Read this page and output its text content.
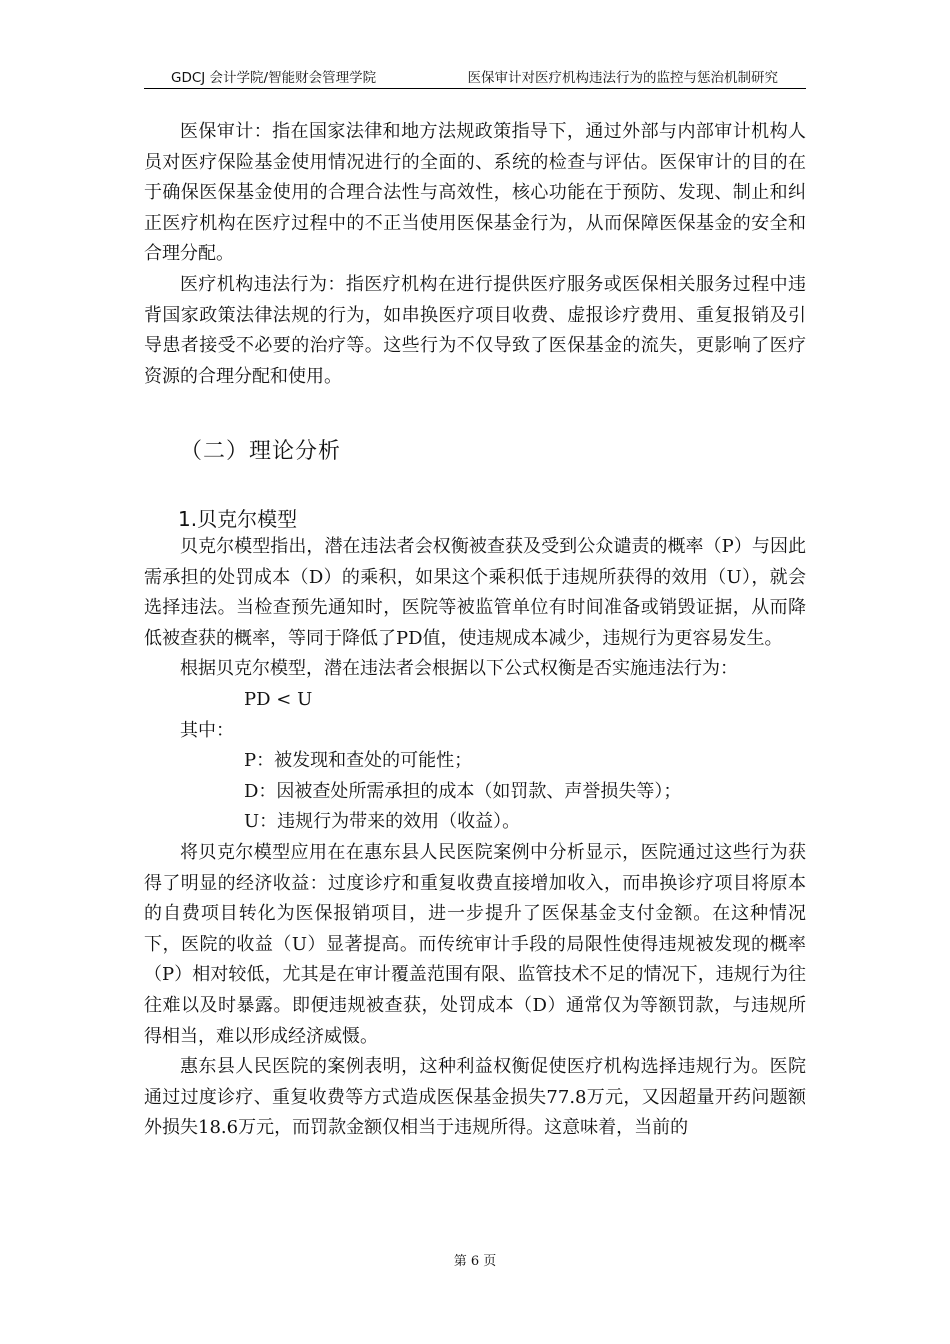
GDCJ 会计学院/智能财会管理学院	医保审计对医疗机构违法行为的监控与惩治机制研究

医保审计：指在国家法律和地方法规政策指导下，通过外部与内部审计机构人员对医疗保险基金使用情况进行的全面的、系统的检查与评估。医保审计的目的在于确保医保基金使用的合理合法性与高效性，核心功能在于预防、发现、制止和纠正医疗机构在医疗过程中的不正当使用医保基金行为，从而保障医保基金的安全和合理分配。

医疗机构违法行为：指医疗机构在进行提供医疗服务或医保相关服务过程中违背国家政策法律法规的行为，如串换医疗项目收费、虚报诊疗费用、重复报销及引导患者接受不必要的治疗等。这些行为不仅导致了医保基金的流失，更影响了医疗资源的合理分配和使用。

（二）理论分析
1.贝克尔模型

贝克尔模型指出，潜在违法者会权衡被查获及受到公众谴责的概率（P）与因此需承担的处罚成本（D）的乘积，如果这个乘积低于违规所获得的效用（U），就会选择违法。当检查预先通知时，医院等被监管单位有时间准备或销毁证据，从而降低被查获的概率，等同于降低了PD值，使违规成本减少，违规行为更容易发生。

根据贝克尔模型，潜在违法者会根据以下公式权衡是否实施违法行为：

PD < U

其中：

P：被发现和查处的可能性；

D：因被查处所需承担的成本（如罚款、声誉损失等）；

U：违规行为带来的效用（收益）。

将贝克尔模型应用在在惠东县人民医院案例中分析显示，医院通过这些行为获得了明显的经济收益：过度诊疗和重复收费直接增加收入，而串换诊疗项目将原本的自费项目转化为医保报销项目，进一步提升了医保基金支付金额。在这种情况下，医院的收益（U）显著提高。而传统审计手段的局限性使得违规被发现的概率（P）相对较低，尤其是在审计覆盖范围有限、监管技术不足的情况下，违规行为往往难以及时暴露。即便违规被查获，处罚成本（D）通常仅为等额罚款，与违规所得相当，难以形成经济威慑。

惠东县人民医院的案例表明，这种利益权衡促使医疗机构选择违规行为。医院通过过度诊疗、重复收费等方式造成医保基金损失77.8万元，又因超量开药问题额外损失18.6万元，而罚款金额仅相当于违规所得。这意味着，当前的

第 6 页
